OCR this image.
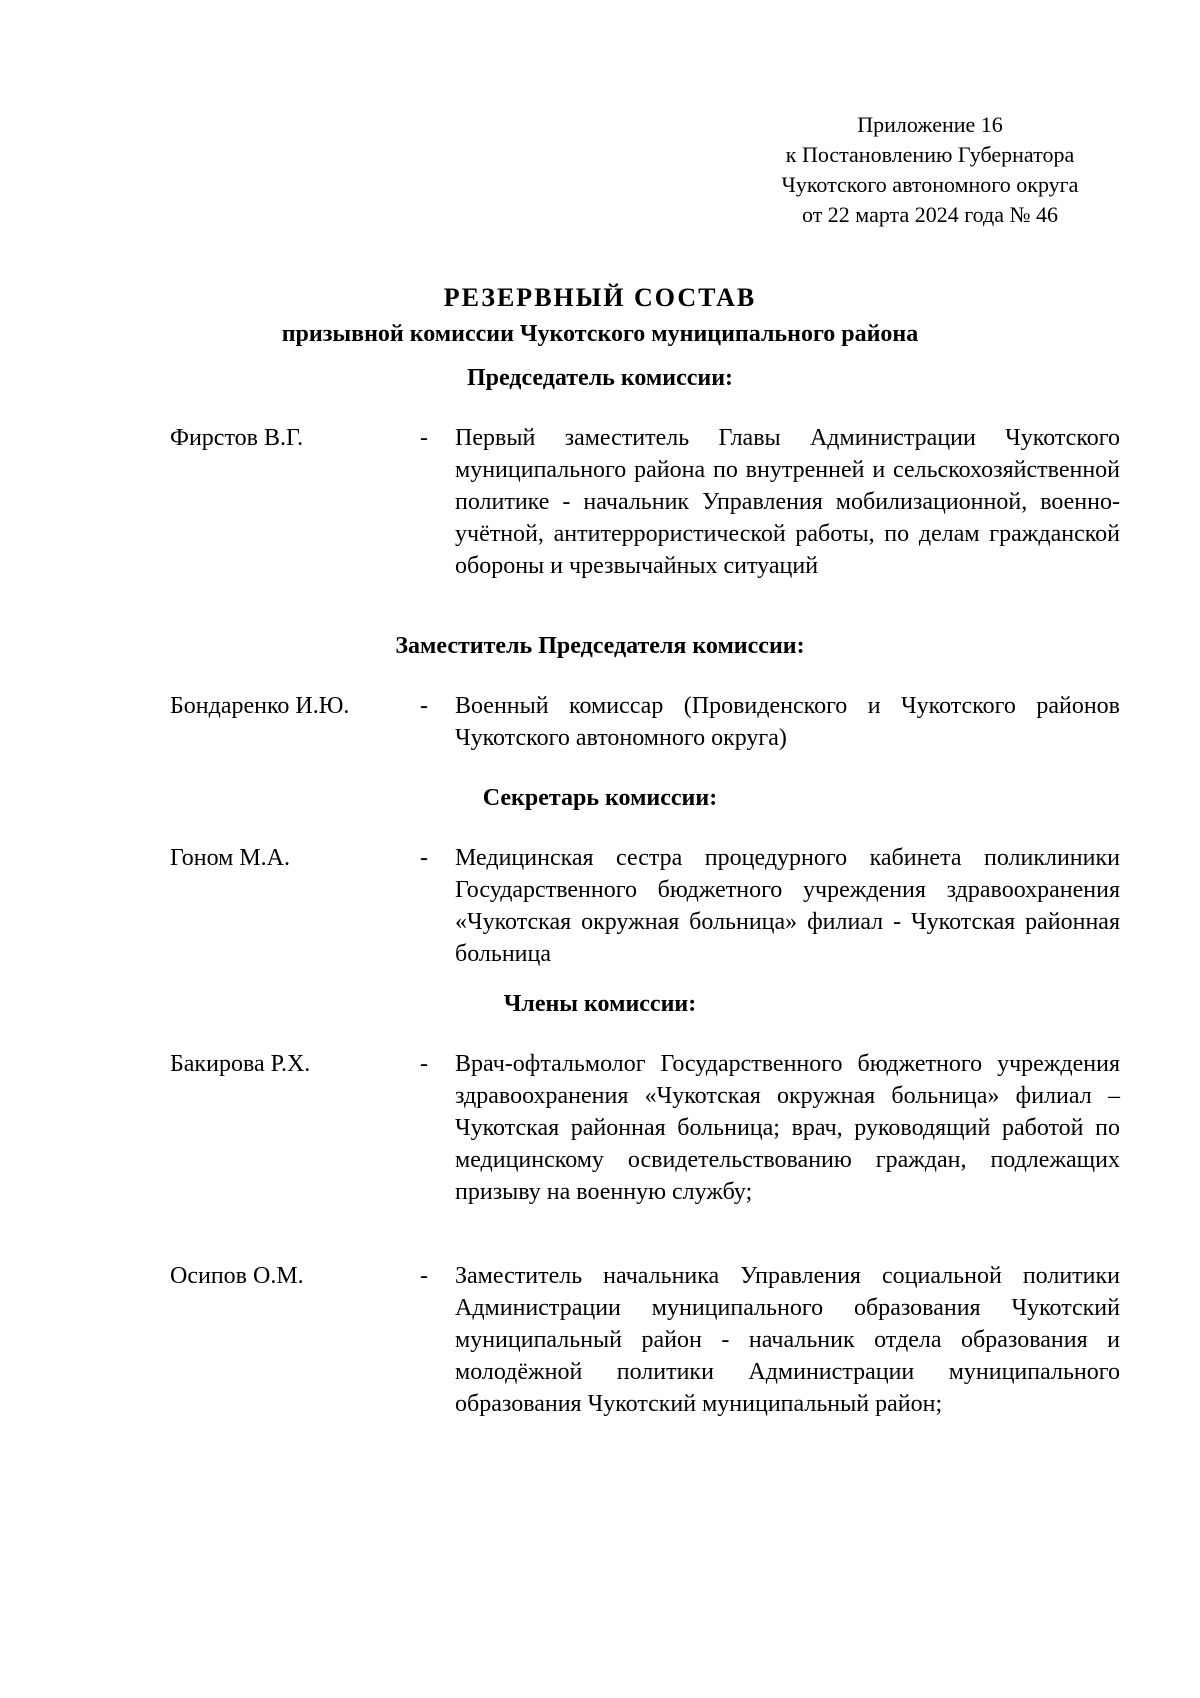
Приложение 16
к Постановлению Губернатора
Чукотского автономного округа
от 22 марта 2024 года № 46
РЕЗЕРВНЫЙ СОСТАВ
призывной комиссии Чукотского муниципального района
Председатель комиссии:
Фирстов В.Г.	- Первый заместитель Главы Администрации Чукотского муниципального района по внутренней и сельскохозяйственной политике - начальник Управления мобилизационной, военно-учётной, антитеррористической работы, по делам гражданской обороны и чрезвычайных ситуаций
Заместитель Председателя комиссии:
Бондаренко И.Ю.	- Военный комиссар (Провиденского и Чукотского районов Чукотского автономного округа)
Секретарь комиссии:
Гоном М.А.	- Медицинская сестра процедурного кабинета поликлиники Государственного бюджетного учреждения здравоохранения «Чукотская окружная больница» филиал - Чукотская районная больница
Члены комиссии:
Бакирова Р.Х.	- Врач-офтальмолог Государственного бюджетного учреждения здравоохранения «Чукотская окружная больница» филиал – Чукотская районная больница; врач, руководящий работой по медицинскому освидетельствованию граждан, подлежащих призыву на военную службу;
Осипов О.М.	- Заместитель начальника Управления социальной политики Администрации муниципального образования Чукотский муниципальный район - начальник отдела образования и молодёжной политики Администрации муниципального образования Чукотский муниципальный район;
